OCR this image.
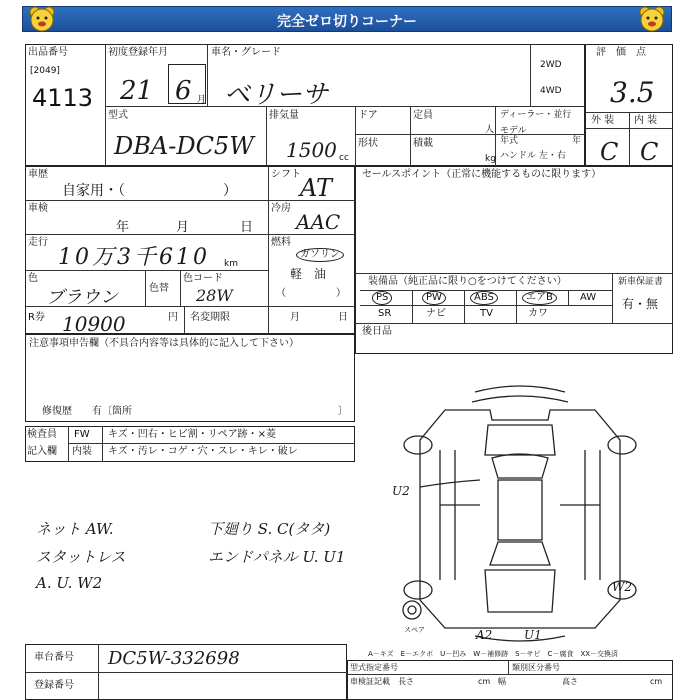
完全ゼロ切りコーナー
出品番号
[2049]
4113
初度登録年月
21 6 月
車名・グレード
ベリーサ
2WD
4WD
型式
DBA-DC5W
排気量
1500 cc
ドア
形状
定員
人
積載
kg
ディーラー・並行
モデル
年式	年
ハンドル 左・右
評　価　点
3.5
外 装 内 装
C C
車歴
自家用・（　　　　　　　）
シフト AT
車検
年	月	日
冷房
AAC
走行
10万3千610 km
燃料
ガソリン
軽　油
（　　　　　）
色
ブラウン	色替
色コード
28W
R券 10900	円 名変期限	月	日
セールスポイント（正常に機能するものに限ります）
装備品（純正品に限り○をつけてください）	新車保証書
有・無
PS	PW	ABS	エアB	AW
SR	ナビ	TV	カワ
後日品
注意事項申告欄（不具合内容等は具体的に記入して下さい）
修復歴　　有〔箇所	〕
検査員
記入欄
FW キズ・凹右・ヒビ割・リペア跡・×菱
内装 キズ・汚レ・コゲ・穴・スレ・キレ・破レ
ネット AW.
スタットレス
A. U. W2
下廻り S. C(タタ)
エンドパネル U. U1
U2
W2
A2	U1
スペア
A－キズ　E－エクボ　U－凹み　W－補修跡　S－サビ　C－腐食　XX－交換済
車台番号 DC5W-332698
登録番号
型式指定番号	類別区分番号
車検証記載 長さ	cm 幅	高さ	cm
